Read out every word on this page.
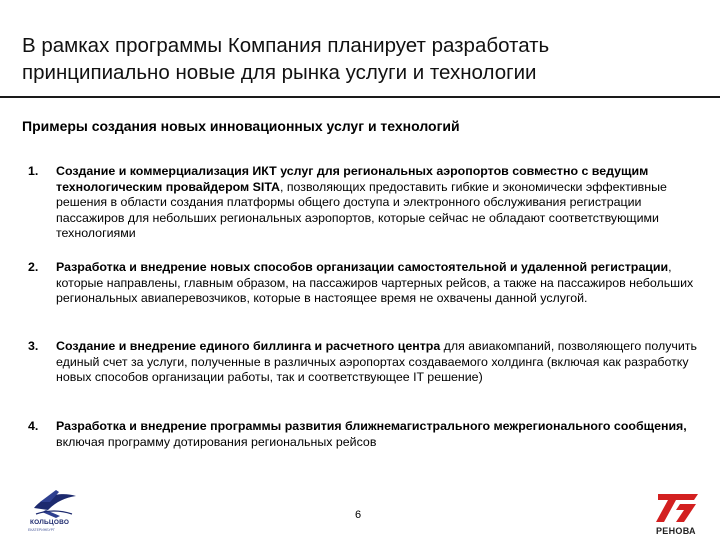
В рамках программы Компания планирует разработать
принципиально новые для рынка услуги и технологии
Примеры создания новых инновационных услуг и технологий
1.	Создание и коммерциализация ИКТ услуг для региональных аэропортов совместно с ведущим технологическим провайдером SITA, позволяющих предоставить гибкие и экономически эффективные решения в области создания платформы общего доступа и электронного обслуживания регистрации пассажиров для небольших региональных аэропортов, которые сейчас не обладают соответствующими технологиями
2.	Разработка и внедрение новых способов организации самостоятельной и удаленной регистрации, которые направлены, главным образом, на пассажиров чартерных рейсов, а также на пассажиров небольших региональных авиаперевозчиков, которые в настоящее время не охвачены данной услугой.
3.	Создание и внедрение единого биллинга и расчетного центра для авиакомпаний, позволяющего получить единый счет за услуги, полученные в различных аэропортах создаваемого холдинга (включая как разработку новых способов организации работы, так и соответствующее IT решение)
4.	Разработка и внедрение программы развития ближнемагистрального межрегионального сообщения, включая программу дотирования региональных рейсов
КОЛЬЦОВО
ЕКАТЕРИНБУРГ
6
РЕНОВА
